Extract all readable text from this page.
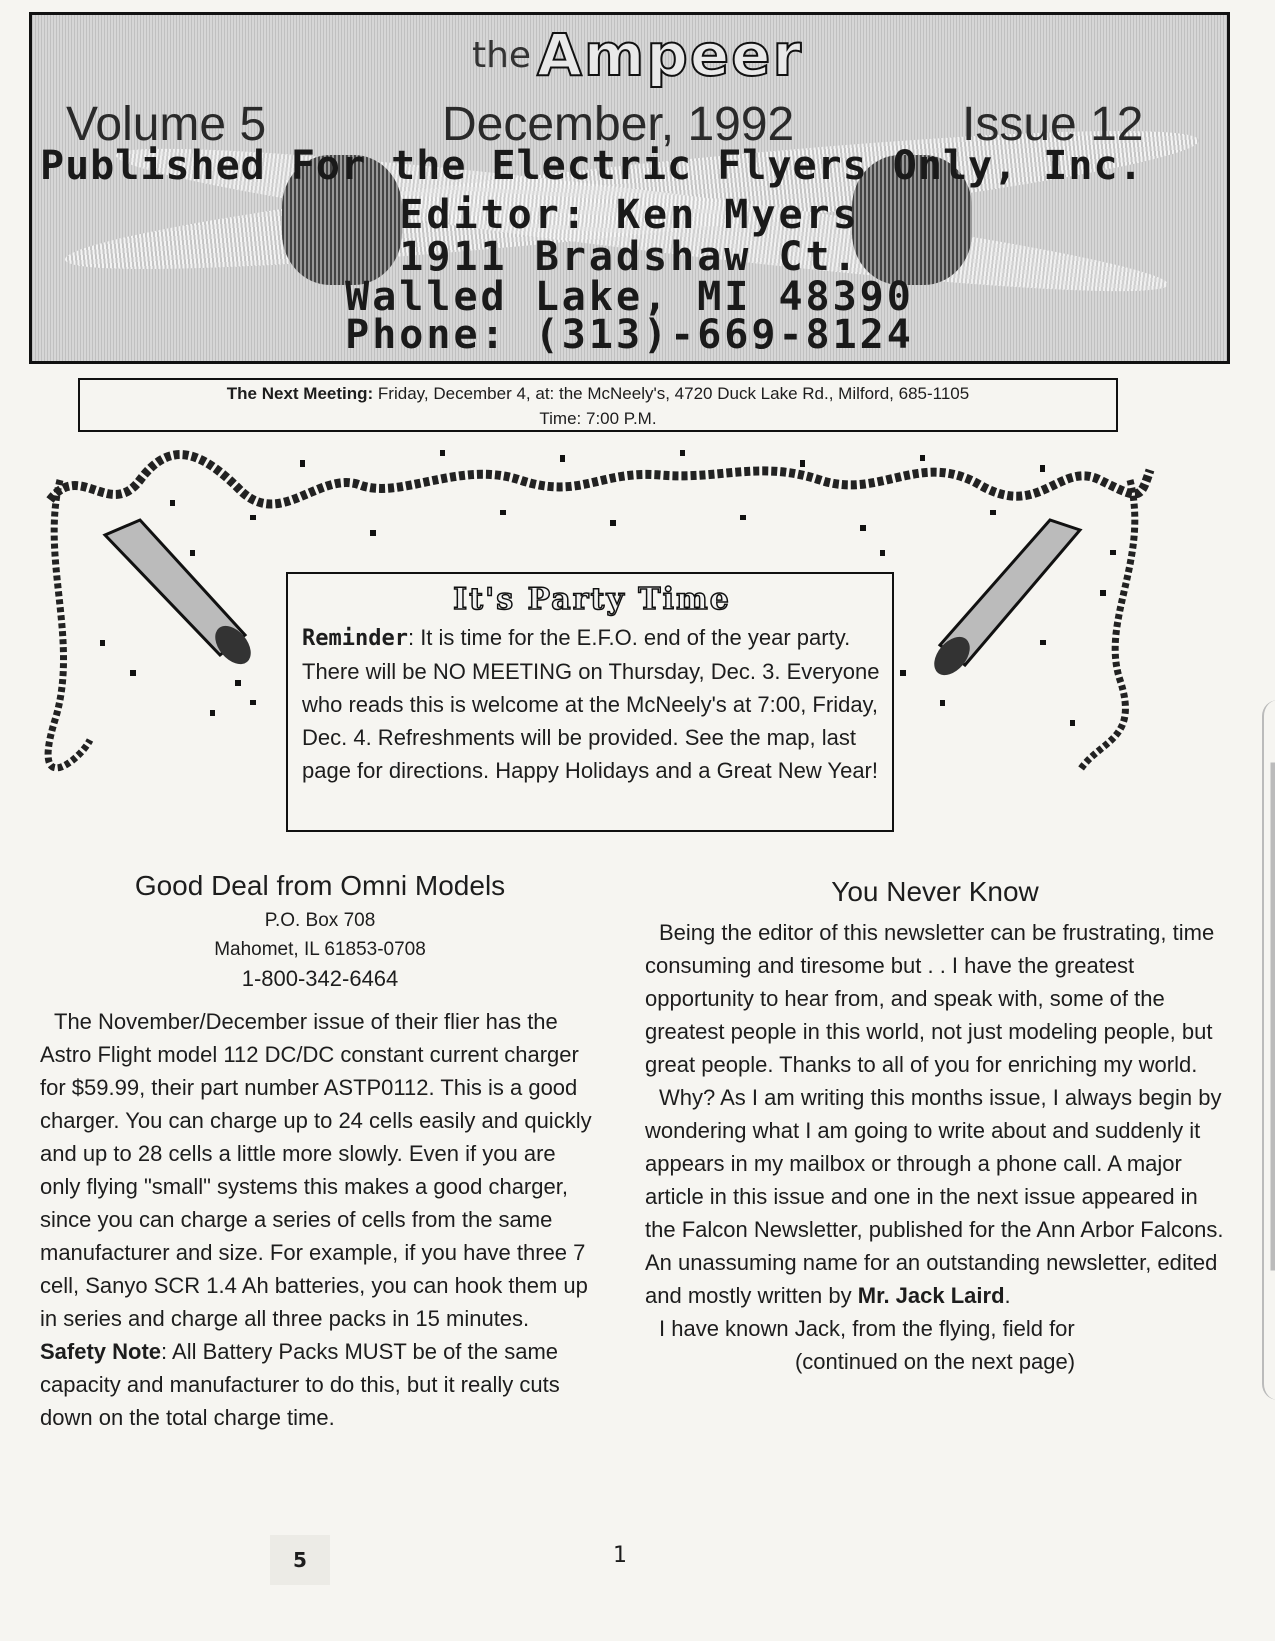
the Ampeer
Volume 5	December, 1992	Issue 12
Published For the Electric Flyers Only, Inc.
Editor: Ken Myers
1911 Bradshaw Ct.
Walled Lake, MI 48390
Phone: (313)-669-8124
The Next Meeting: Friday, December 4, at: the McNeely's, 4720 Duck Lake Rd., Milford, 685-1105
Time: 7:00 P.M.
It's Party Time
Reminder: It is time for the E.F.O. end of the year party. There will be NO MEETING on Thursday, Dec. 3. Everyone who reads this is welcome at the McNeely's at 7:00, Friday, Dec. 4. Refreshments will be provided. See the map, last page for directions. Happy Holidays and a Great New Year!
Good Deal from Omni Models
P.O. Box 708
Mahomet, IL 61853-0708
1-800-342-6464

The November/December issue of their flier has the Astro Flight model 112 DC/DC constant current charger for $59.99, their part number ASTP0112. This is a good charger. You can charge up to 24 cells easily and quickly and up to 28 cells a little more slowly. Even if you are only flying "small" systems this makes a good charger, since you can charge a series of cells from the same manufacturer and size. For example, if you have three 7 cell, Sanyo SCR 1.4 Ah batteries, you can hook them up in series and charge all three packs in 15 minutes.

Safety Note: All Battery Packs MUST be of the same capacity and manufacturer to do this, but it really cuts down on the total charge time.

You Never Know

Being the editor of this newsletter can be frustrating, time consuming and tiresome but . . I have the greatest opportunity to hear from, and speak with, some of the greatest people in this world, not just modeling people, but great people. Thanks to all of you for enriching my world.

Why? As I am writing this months issue, I always begin by wondering what I am going to write about and suddenly it appears in my mailbox or through a phone call. A major article in this issue and one in the next issue appeared in the Falcon Newsletter, published for the Ann Arbor Falcons. An unassuming name for an outstanding newsletter, edited and mostly written by Mr. Jack Laird.

I have known Jack, from the flying, field for

(continued on the next page)

5	1
